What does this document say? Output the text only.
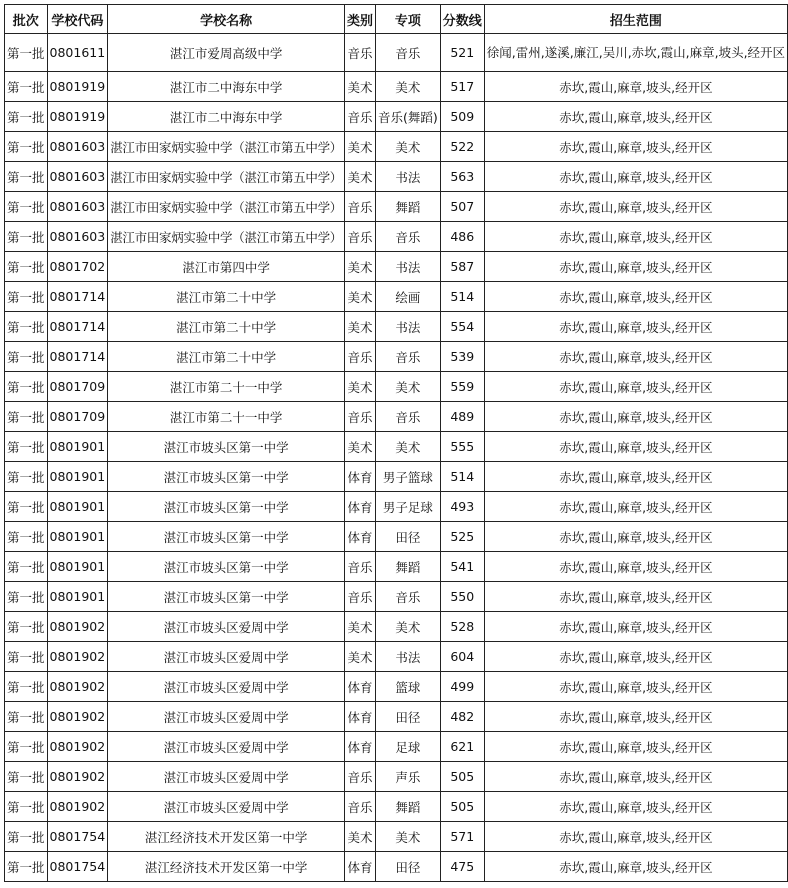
批次	学校代码	学校名称	类别	专项	分数线	招生范围
第一批	0801611	湛江市爱周高级中学	音乐	音乐	521	徐闻,雷州,遂溪,廉江,吴川,赤坎,霞山,麻章,坡头,经开区
第一批	0801919	湛江市二中海东中学	美术	美术	517	赤坎,霞山,麻章,坡头,经开区
第一批	0801919	湛江市二中海东中学	音乐	音乐(舞蹈)	509	赤坎,霞山,麻章,坡头,经开区
第一批	0801603	湛江市田家炳实验中学（湛江市第五中学）	美术	美术	522	赤坎,霞山,麻章,坡头,经开区
第一批	0801603	湛江市田家炳实验中学（湛江市第五中学）	美术	书法	563	赤坎,霞山,麻章,坡头,经开区
第一批	0801603	湛江市田家炳实验中学（湛江市第五中学）	音乐	舞蹈	507	赤坎,霞山,麻章,坡头,经开区
第一批	0801603	湛江市田家炳实验中学（湛江市第五中学）	音乐	音乐	486	赤坎,霞山,麻章,坡头,经开区
第一批	0801702	湛江市第四中学	美术	书法	587	赤坎,霞山,麻章,坡头,经开区
第一批	0801714	湛江市第二十中学	美术	绘画	514	赤坎,霞山,麻章,坡头,经开区
第一批	0801714	湛江市第二十中学	美术	书法	554	赤坎,霞山,麻章,坡头,经开区
第一批	0801714	湛江市第二十中学	音乐	音乐	539	赤坎,霞山,麻章,坡头,经开区
第一批	0801709	湛江市第二十一中学	美术	美术	559	赤坎,霞山,麻章,坡头,经开区
第一批	0801709	湛江市第二十一中学	音乐	音乐	489	赤坎,霞山,麻章,坡头,经开区
第一批	0801901	湛江市坡头区第一中学	美术	美术	555	赤坎,霞山,麻章,坡头,经开区
第一批	0801901	湛江市坡头区第一中学	体育	男子篮球	514	赤坎,霞山,麻章,坡头,经开区
第一批	0801901	湛江市坡头区第一中学	体育	男子足球	493	赤坎,霞山,麻章,坡头,经开区
第一批	0801901	湛江市坡头区第一中学	体育	田径	525	赤坎,霞山,麻章,坡头,经开区
第一批	0801901	湛江市坡头区第一中学	音乐	舞蹈	541	赤坎,霞山,麻章,坡头,经开区
第一批	0801901	湛江市坡头区第一中学	音乐	音乐	550	赤坎,霞山,麻章,坡头,经开区
第一批	0801902	湛江市坡头区爱周中学	美术	美术	528	赤坎,霞山,麻章,坡头,经开区
第一批	0801902	湛江市坡头区爱周中学	美术	书法	604	赤坎,霞山,麻章,坡头,经开区
第一批	0801902	湛江市坡头区爱周中学	体育	篮球	499	赤坎,霞山,麻章,坡头,经开区
第一批	0801902	湛江市坡头区爱周中学	体育	田径	482	赤坎,霞山,麻章,坡头,经开区
第一批	0801902	湛江市坡头区爱周中学	体育	足球	621	赤坎,霞山,麻章,坡头,经开区
第一批	0801902	湛江市坡头区爱周中学	音乐	声乐	505	赤坎,霞山,麻章,坡头,经开区
第一批	0801902	湛江市坡头区爱周中学	音乐	舞蹈	505	赤坎,霞山,麻章,坡头,经开区
第一批	0801754	湛江经济技术开发区第一中学	美术	美术	571	赤坎,霞山,麻章,坡头,经开区
第一批	0801754	湛江经济技术开发区第一中学	体育	田径	475	赤坎,霞山,麻章,坡头,经开区
